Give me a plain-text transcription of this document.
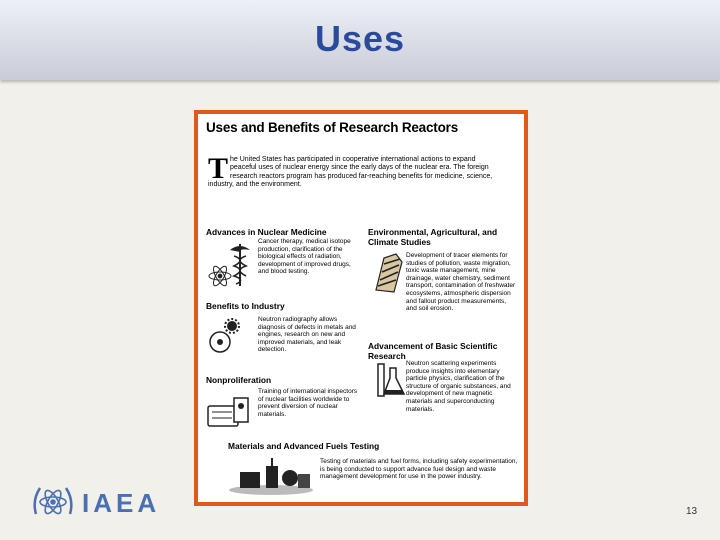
Uses
Uses and Benefits of Research Reactors
T he United States has participated in cooperative international actions to expand peaceful uses of nuclear energy since the early days of the nuclear era. The foreign research reactors program has produced far-reaching benefits for medicine, science, industry, and the environment.
Advances in Nuclear Medicine
Cancer therapy, medical isotope production, clarification of the biological effects of radiation, development of improved drugs, and blood testing.
Environmental, Agricultural, and Climate Studies
Development of tracer elements for studies of pollution, waste migration, toxic waste management, mine drainage, water chemistry, sediment transport, contamination of freshwater ecosystems, atmospheric dispersion and fallout product measurements, and soil erosion.
Benefits to Industry
Neutron radiography allows diagnosis of defects in metals and engines, research on new and improved materials, and leak detection.	Advancement of Basic Scientific Research
Neutron scattering experiments produce insights into elementary particle physics, clarification of the structure of organic substances, and development of new magnetic materials and superconducting materials.
Nonproliferation
Training of international inspectors of nuclear facilities worldwide to prevent diversion of nuclear materials.
Materials and Advanced Fuels Testing
Testing of materials and fuel forms, including safety experimentation, is being conducted to support advance fuel design and waste management development for use in the power industry.
IAEA	13
